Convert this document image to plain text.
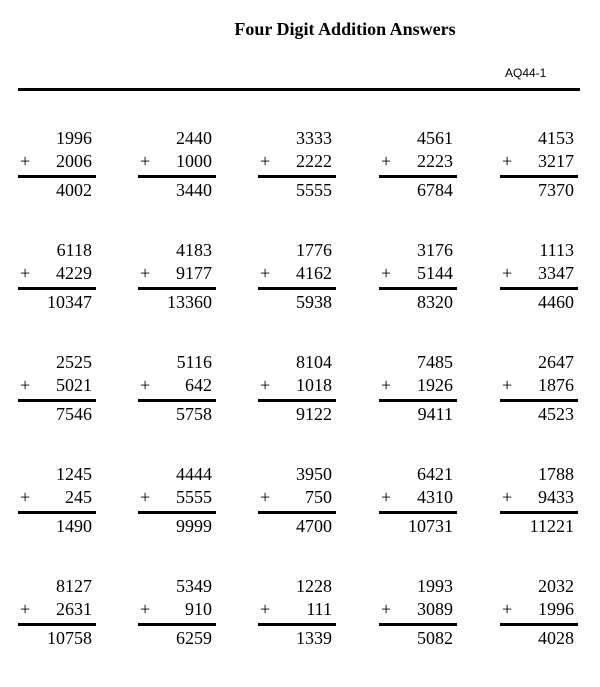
Four Digit Addition Answers
AQ44-1
1996
+ 2006
4002
2440
+ 1000
3440
3333
+ 2222
5555
4561
+ 2223
6784
4153
+ 3217
7370
6118
+ 4229
10347
4183
+ 9177
13360
1776
+ 4162
5938
3176
+ 5144
8320
1113
+ 3347
4460
2525
+ 5021
7546
5116
+ 642
5758
8104
+ 1018
9122
7485
+ 1926
9411
2647
+ 1876
4523
1245
+ 245
1490
4444
+ 5555
9999
3950
+ 750
4700
6421
+ 4310
10731
1788
+ 9433
11221
8127
+ 2631
10758
5349
+ 910
6259
1228
+ 111
1339
1993
+ 3089
5082
2032
+ 1996
4028
